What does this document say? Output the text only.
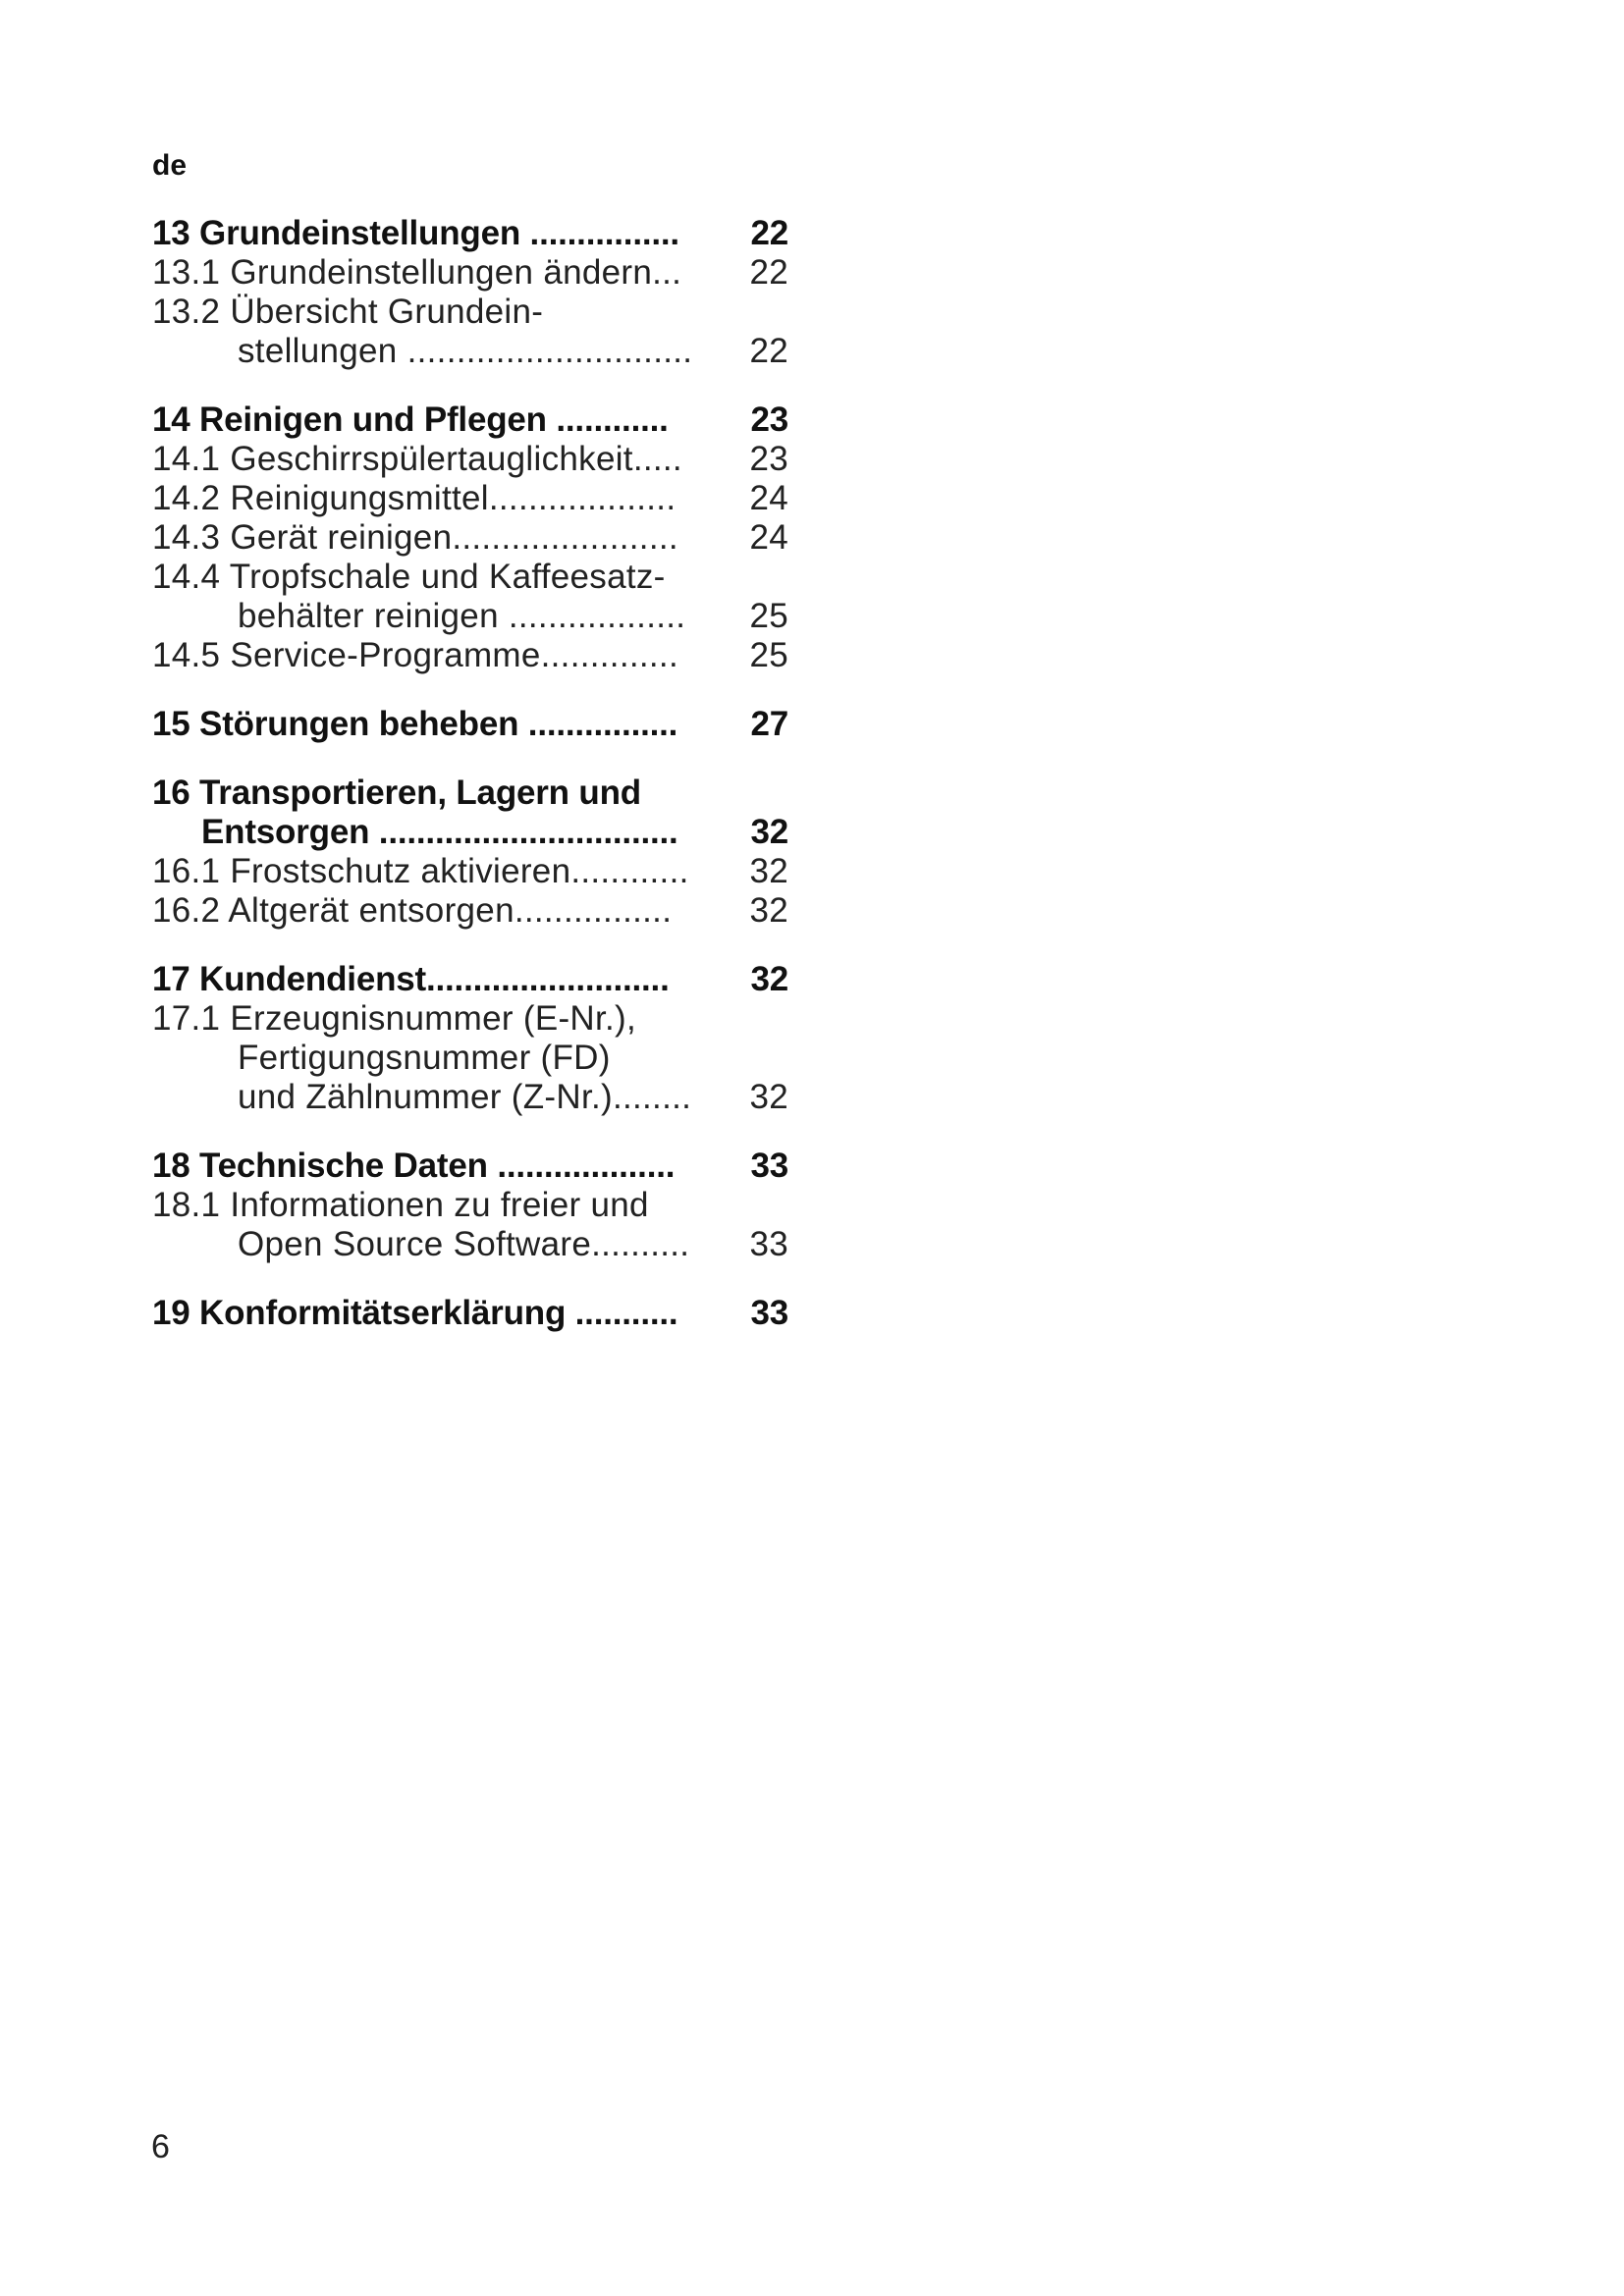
de
13 Grundeinstellungen ................ 22
13.1 Grundeinstellungen ändern... 22
13.2 Übersicht Grundein-
stellungen ............................. 22
14 Reinigen und Pflegen ............ 23
14.1 Geschirrspülertauglichkeit..... 23
14.2 Reinigungsmittel................... 24
14.3 Gerät reinigen....................... 24
14.4 Tropfschale und Kaffeesatz-
behälter reinigen .................. 25
14.5 Service-Programme.............. 25
15 Störungen beheben ................ 27
16 Transportieren, Lagern und
Entsorgen ................................ 32
16.1 Frostschutz aktivieren............ 32
16.2 Altgerät entsorgen................ 32
17 Kundendienst.......................... 32
17.1 Erzeugnisnummer (E-Nr.),
Fertigungsnummer (FD)
und Zählnummer (Z-Nr.)........ 32
18 Technische Daten ................... 33
18.1 Informationen zu freier und
Open Source Software.......... 33
19 Konformitätserklärung ........... 33
6
